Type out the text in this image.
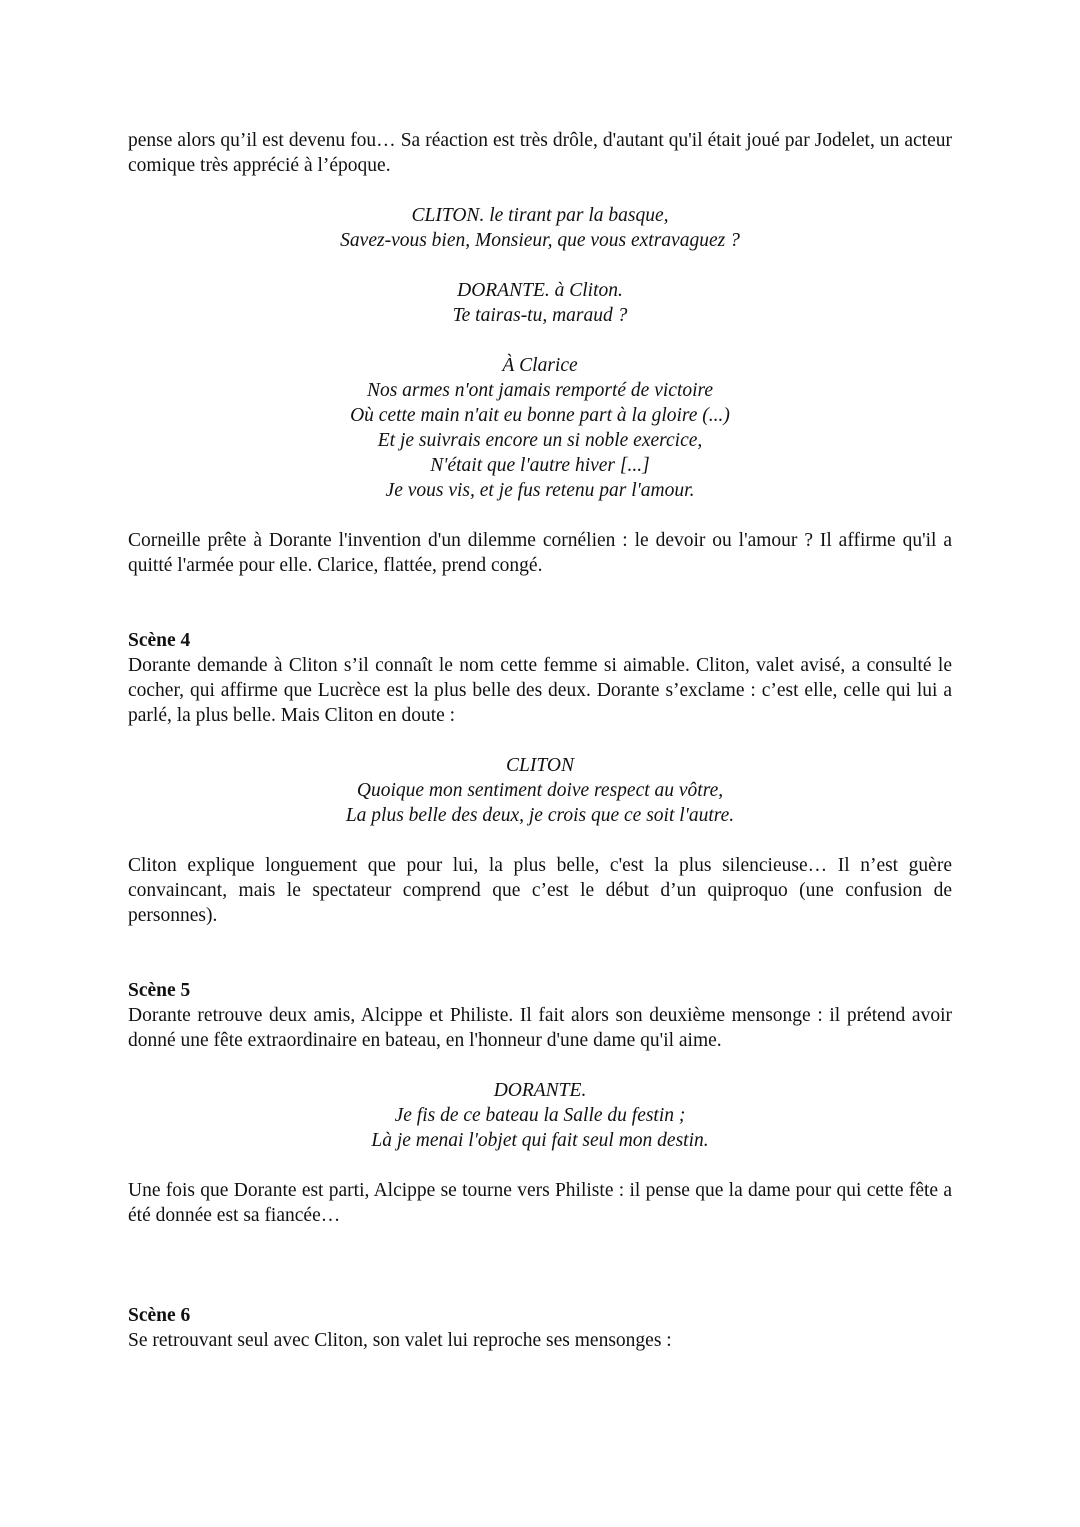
pense alors qu’il est devenu fou… Sa réaction est très drôle, d'autant qu'il était joué par Jodelet, un acteur comique très apprécié à l’époque.

CLITON. le tirant par la basque,
Savez-vous bien, Monsieur, que vous extravaguez ?
DORANTE. à Cliton.
Te tairas-tu, maraud ?
À Clarice
Nos armes n'ont jamais remporté de victoire
Où cette main n'ait eu bonne part à la gloire (...)
Et je suivrais encore un si noble exercice,
N'était que l'autre hiver [...]
Je vous vis, et je fus retenu par l'amour.

Corneille prête à Dorante l'invention d'un dilemme cornélien : le devoir ou l'amour ? Il affirme qu'il a quitté l'armée pour elle. Clarice, flattée, prend congé.

Scène 4

Dorante demande à Cliton s’il connaît le nom cette femme si aimable. Cliton, valet avisé, a consulté le cocher, qui affirme que Lucrèce est la plus belle des deux. Dorante s’exclame : c’est elle, celle qui lui a parlé, la plus belle. Mais Cliton en doute :

CLITON
Quoique mon sentiment doive respect au vôtre,
La plus belle des deux, je crois que ce soit l'autre.

Cliton explique longuement que pour lui, la plus belle, c'est la plus silencieuse… Il n’est guère convaincant, mais le spectateur comprend que c’est le début d’un quiproquo (une confusion de personnes).

Scène 5

Dorante retrouve deux amis, Alcippe et Philiste. Il fait alors son deuxième mensonge : il prétend avoir donné une fête extraordinaire en bateau, en l'honneur d'une dame qu'il aime.

DORANTE.
Je fis de ce bateau la Salle du festin ;
Là je menai l'objet qui fait seul mon destin.

Une fois que Dorante est parti, Alcippe se tourne vers Philiste : il pense que la dame pour qui cette fête a été donnée est sa fiancée…

Scène 6

Se retrouvant seul avec Cliton, son valet lui reproche ses mensonges :
